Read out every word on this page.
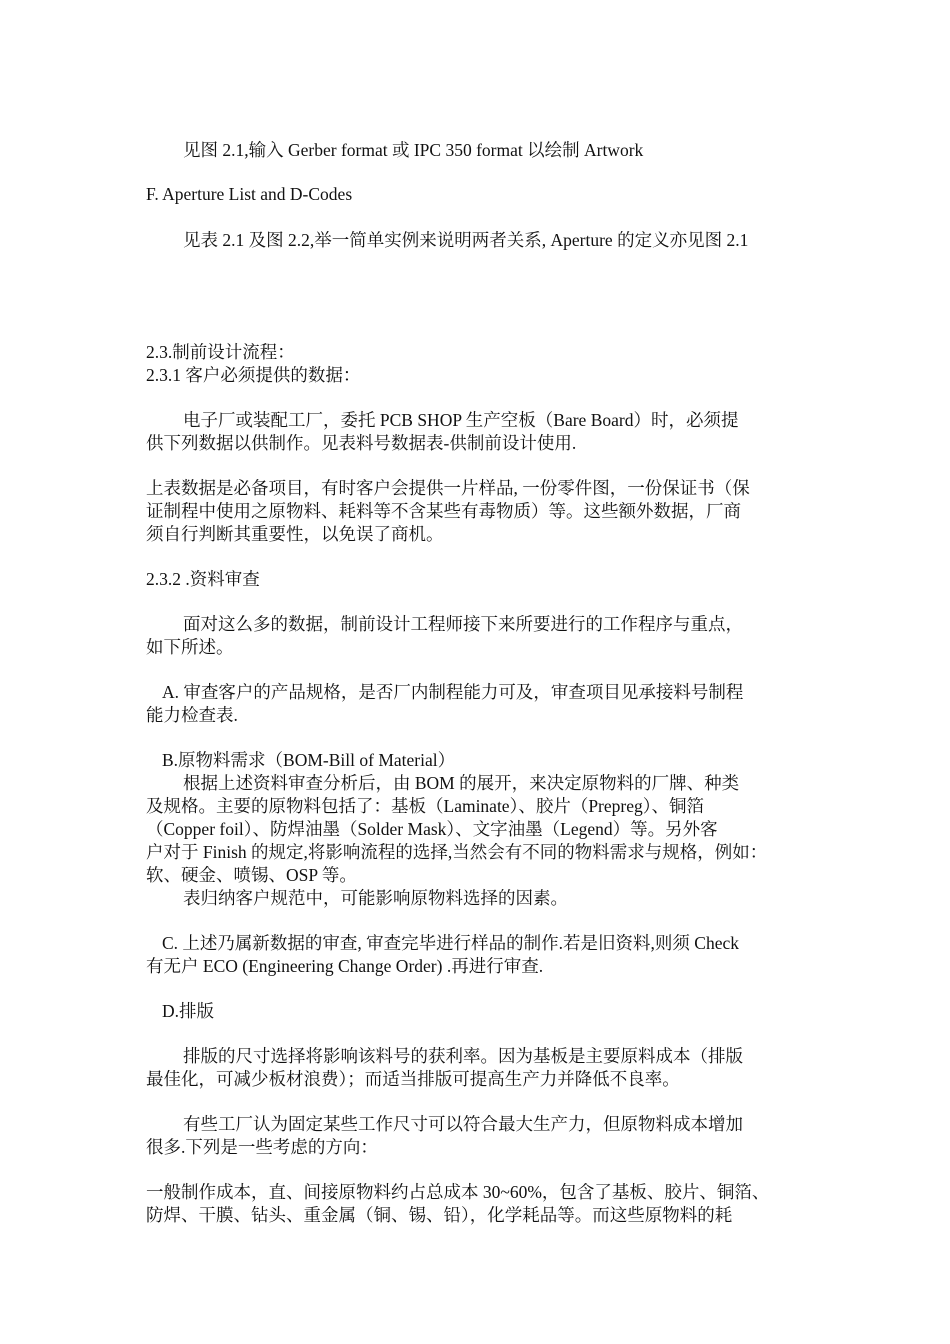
见图 2.1,输入 Gerber format 或 IPC 350 format 以绘制 Artwork
F. Aperture List and D-Codes
见表 2.1 及图 2.2,举一简单实例来说明两者关系, Aperture 的定义亦见图 2.1
2.3.制前设计流程：
2.3.1 客户必须提供的数据：
电子厂或装配工厂，委托 PCB SHOP 生产空板（Bare Board）时，必须提
供下列数据以供制作。见表料号数据表-供制前设计使用.
上表数据是必备项目，有时客户会提供一片样品, 一份零件图，一份保证书（保
证制程中使用之原物料、耗料等不含某些有毒物质）等。这些额外数据，厂商
须自行判断其重要性，以免误了商机。
2.3.2 .资料审查
面对这么多的数据，制前设计工程师接下来所要进行的工作程序与重点，
如下所述。
A. 审查客户的产品规格，是否厂内制程能力可及，审查项目见承接料号制程
能力检查表.
B.原物料需求（BOM-Bill of Material）
根据上述资料审查分析后，由 BOM 的展开，来决定原物料的厂牌、种类
及规格。主要的原物料包括了：基板（Laminate）、胶片（Prepreg）、铜箔
（Copper foil）、防焊油墨（Solder Mask）、文字油墨（Legend）等。另外客
户对于 Finish 的规定,将影响流程的选择,当然会有不同的物料需求与规格，例如：
软、硬金、喷锡、OSP 等。
表归纳客户规范中，可能影响原物料选择的因素。
C. 上述乃属新数据的审查, 审查完毕进行样品的制作.若是旧资料,则须 Check
有无户 ECO (Engineering Change Order) .再进行审查.
D.排版
排版的尺寸选择将影响该料号的获利率。因为基板是主要原料成本（排版
最佳化，可减少板材浪费）；而适当排版可提高生产力并降低不良率。
有些工厂认为固定某些工作尺寸可以符合最大生产力，但原物料成本增加
很多.下列是一些考虑的方向：
一般制作成本，直、间接原物料约占总成本 30~60%，包含了基板、胶片、铜箔、
防焊、干膜、钻头、重金属（铜、锡、铅），化学耗品等。而这些原物料的耗
